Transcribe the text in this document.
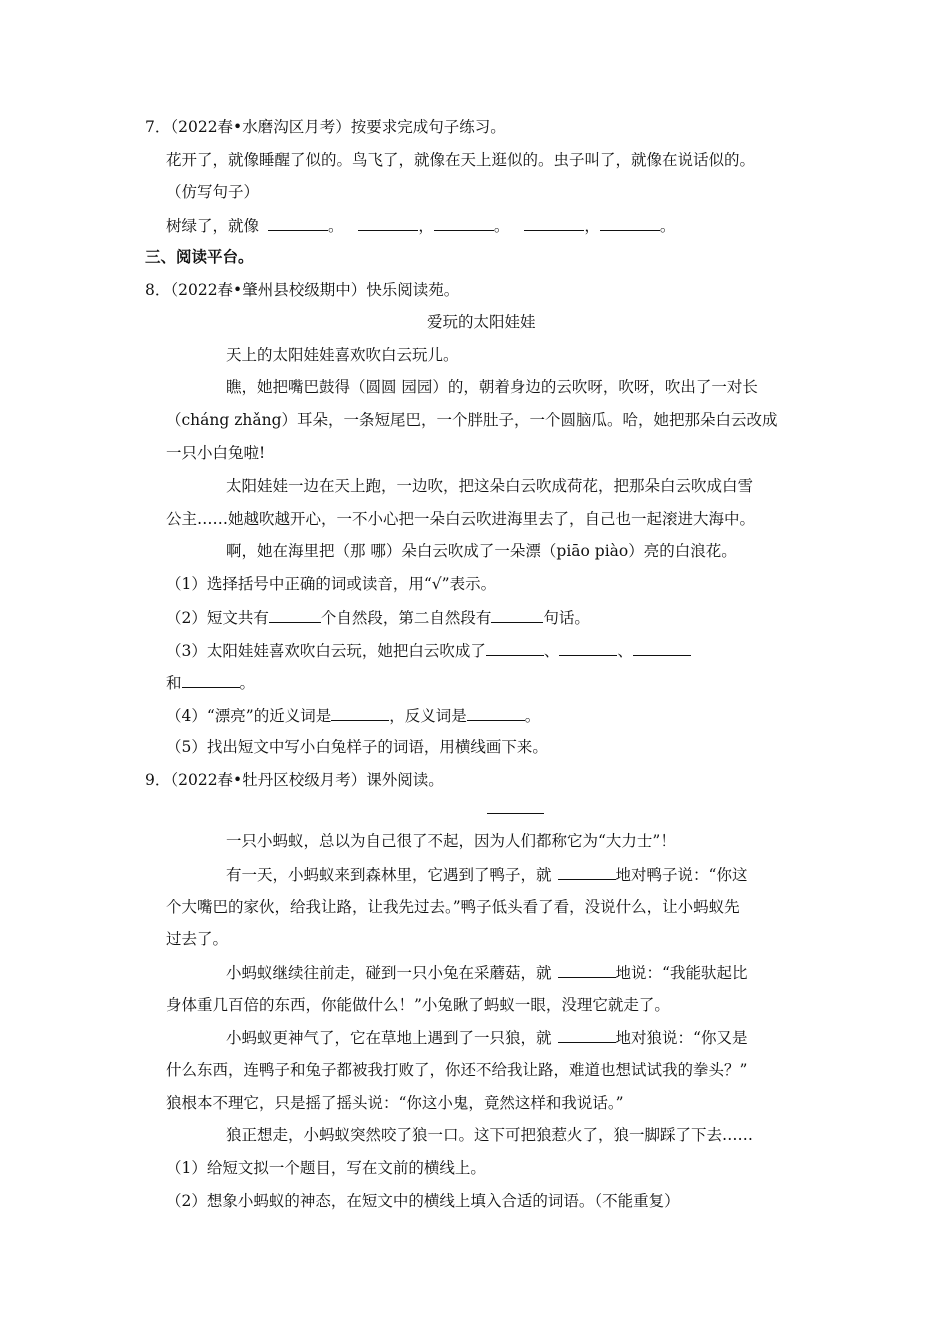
7．（2022春•水磨沟区月考）按要求完成句子练习。
花开了，就像睡醒了似的。鸟飞了，就像在天上逛似的。虫子叫了，就像在说话似的。
（仿写句子）
树绿了，就像	。	，	。	，	。
三、阅读平台。
8．（2022春•肇州县校级期中）快乐阅读苑。
爱玩的太阳娃娃
天上的太阳娃娃喜欢吹白云玩儿。
瞧，她把嘴巴鼓得（圆圆 园园）的，朝着身边的云吹呀，吹呀，吹出了一对长
（cháng zhǎng）耳朵，一条短尾巴，一个胖肚子，一个圆脑瓜。哈，她把那朵白云改成
一只小白兔啦!
太阳娃娃一边在天上跑，一边吹，把这朵白云吹成荷花，把那朵白云吹成白雪
公主……她越吹越开心，一不小心把一朵白云吹进海里去了，自己也一起滚进大海中。
啊，她在海里把（那 哪）朵白云吹成了一朵漂（piāo piào）亮的白浪花。
（1）选择括号中正确的词或读音，用“√”表示。
（2）短文共有	个自然段，第二自然段有	句话。
（3）太阳娃娃喜欢吹白云玩，她把白云吹成了	、	、
和	。
（4）“漂亮”的近义词是	，反义词是	。
（5）找出短文中写小白兔样子的词语，用横线画下来。
9．（2022春•牡丹区校级月考）课外阅读。
一只小蚂蚁，总以为自己很了不起，因为人们都称它为“大力士”！
有一天，小蚂蚁来到森林里，它遇到了鸭子，就	地对鸭子说：“你这
个大嘴巴的家伙，给我让路，让我先过去。”鸭子低头看了看，没说什么，让小蚂蚁先
过去了。
小蚂蚁继续往前走，碰到一只小兔在采蘑菇，就	地说：“我能驮起比
身体重几百倍的东西，你能做什么！”小兔瞅了蚂蚁一眼，没理它就走了。
小蚂蚁更神气了，它在草地上遇到了一只狼，就	地对狼说：“你又是
什么东西，连鸭子和兔子都被我打败了，你还不给我让路，难道也想试试我的拳头？”
狼根本不理它，只是摇了摇头说：“你这小鬼，竟然这样和我说话。”
狼正想走，小蚂蚁突然咬了狼一口。这下可把狼惹火了，狼一脚踩了下去……
（1）给短文拟一个题目，写在文前的横线上。
（2）想象小蚂蚁的神态，在短文中的横线上填入合适的词语。（不能重复）
